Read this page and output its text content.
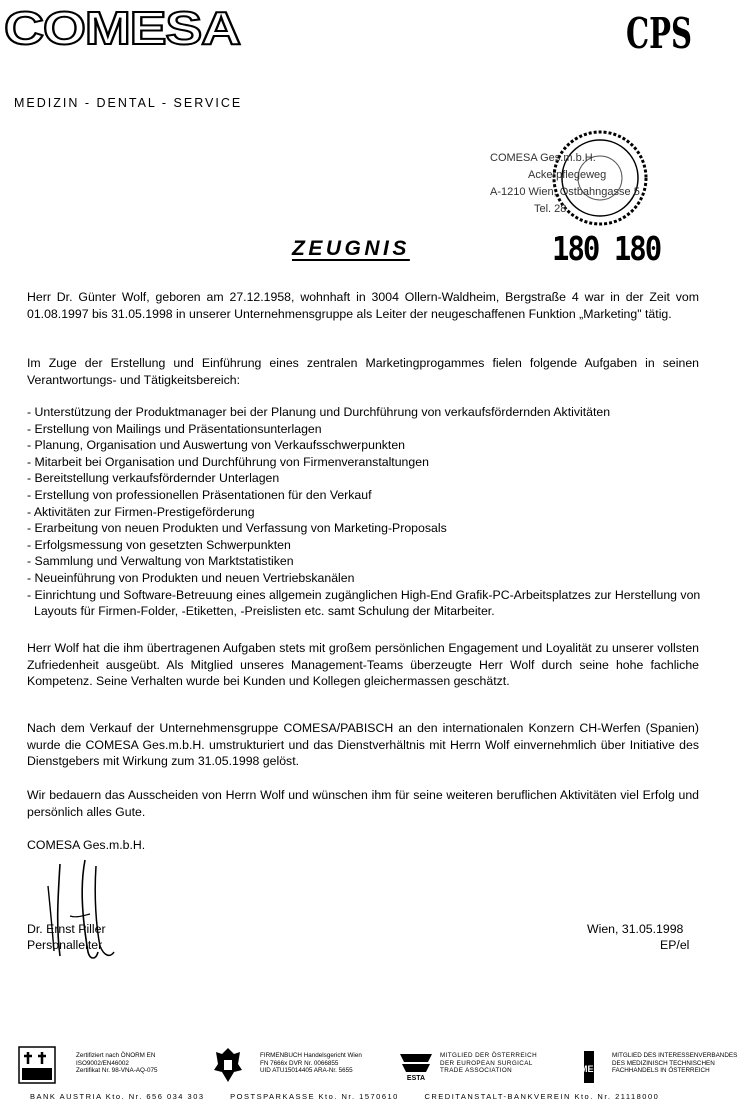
COMESA	CPS
MEDIZIN - DENTAL - SERVICE
COMESA Ges.m.b.H.
Ackerpflegeweg
A-1210 Wien, Ostbahngasse 5
Tel. 28
ZEUGNIS	180 180
Herr Dr. Günter Wolf, geboren am 27.12.1958, wohnhaft in 3004 Ollern-Waldheim, Bergstraße 4 war in der Zeit vom 01.08.1997 bis 31.05.1998 in unserer Unternehmensgruppe als Leiter der neugeschaffenen Funktion „Marketing" tätig.
Im Zuge der Erstellung und Einführung eines zentralen Marketingprogammes fielen folgende Aufgaben in seinen Verantwortungs- und Tätigkeitsbereich:
- Unterstützung der Produktmanager bei der Planung und Durchführung von verkaufsfördernden Aktivitäten
- Erstellung von Mailings und Präsentationsunterlagen
- Planung, Organisation und Auswertung von Verkaufsschwerpunkten
- Mitarbeit bei Organisation und Durchführung von Firmenveranstaltungen
- Bereitstellung verkaufsfördernder Unterlagen
- Erstellung von professionellen Präsentationen für den Verkauf
- Aktivitäten zur Firmen-Prestigeförderung
- Erarbeitung von neuen Produkten und Verfassung von Marketing-Proposals
- Erfolgsmessung von gesetzten Schwerpunkten
- Sammlung und Verwaltung von Marktstatistiken
- Neueinführung von Produkten und neuen Vertriebskanälen
- Einrichtung und Software-Betreuung eines allgemein zugänglichen High-End Grafik-PC-Arbeitsplatzes zur Herstellung von Layouts für Firmen-Folder, -Etiketten, -Preislisten etc. samt Schulung der Mitarbeiter.
Herr Wolf hat die ihm übertragenen Aufgaben stets mit großem persönlichen Engagement und Loyalität zu unserer vollsten Zufriedenheit ausgeübt. Als Mitglied unseres Management-Teams überzeugte Herr Wolf durch seine hohe fachliche Kompetenz. Seine Verhalten wurde bei Kunden und Kollegen gleichermassen geschätzt.
Nach dem Verkauf der Unternehmensgruppe COMESA/PABISCH an den internationalen Konzern CH-Werfen (Spanien) wurde die COMESA Ges.m.b.H. umstrukturiert und das Dienstverhältnis mit Herrn Wolf einvernehmlich über Initiative des Dienstgebers mit Wirkung zum 31.05.1998 gelöst.
Wir bedauern das Ausscheiden von Herrn Wolf und wünschen ihm für seine weiteren beruflichen Aktivitäten viel Erfolg und persönlich alles Gute.
COMESA Ges.m.b.H.
Dr. Ernst Piller
Personalleiter
Wien, 31.05.1998
EP/el
Zertifiziert nach ÖNORM EN
ISO9002/EN46002
Zertifikat Nr. 98-VNA-AQ-075
FIRMENBUCH Handelsgericht Wien
FN 7666x DVR Nr. 0066855
UID ATU15014405 ARA-Nr. 5655
ESTA
MITGLIED DER ÖSTERREICH
DER EUROPEAN SURGICAL
TRADE ASSOCIATION	IMEO
MITGLIED DES INTERESSENVERBANDES
DES MEDIZINISCH TECHNISCHEN
FACHHANDELS IN ÖSTERREICH
BANK AUSTRIA Kto. Nr. 656 034 303	POSTSPARKASSE Kto. Nr. 1570610	CREDITANSTALT-BANKVEREIN Kto. Nr. 21118000
